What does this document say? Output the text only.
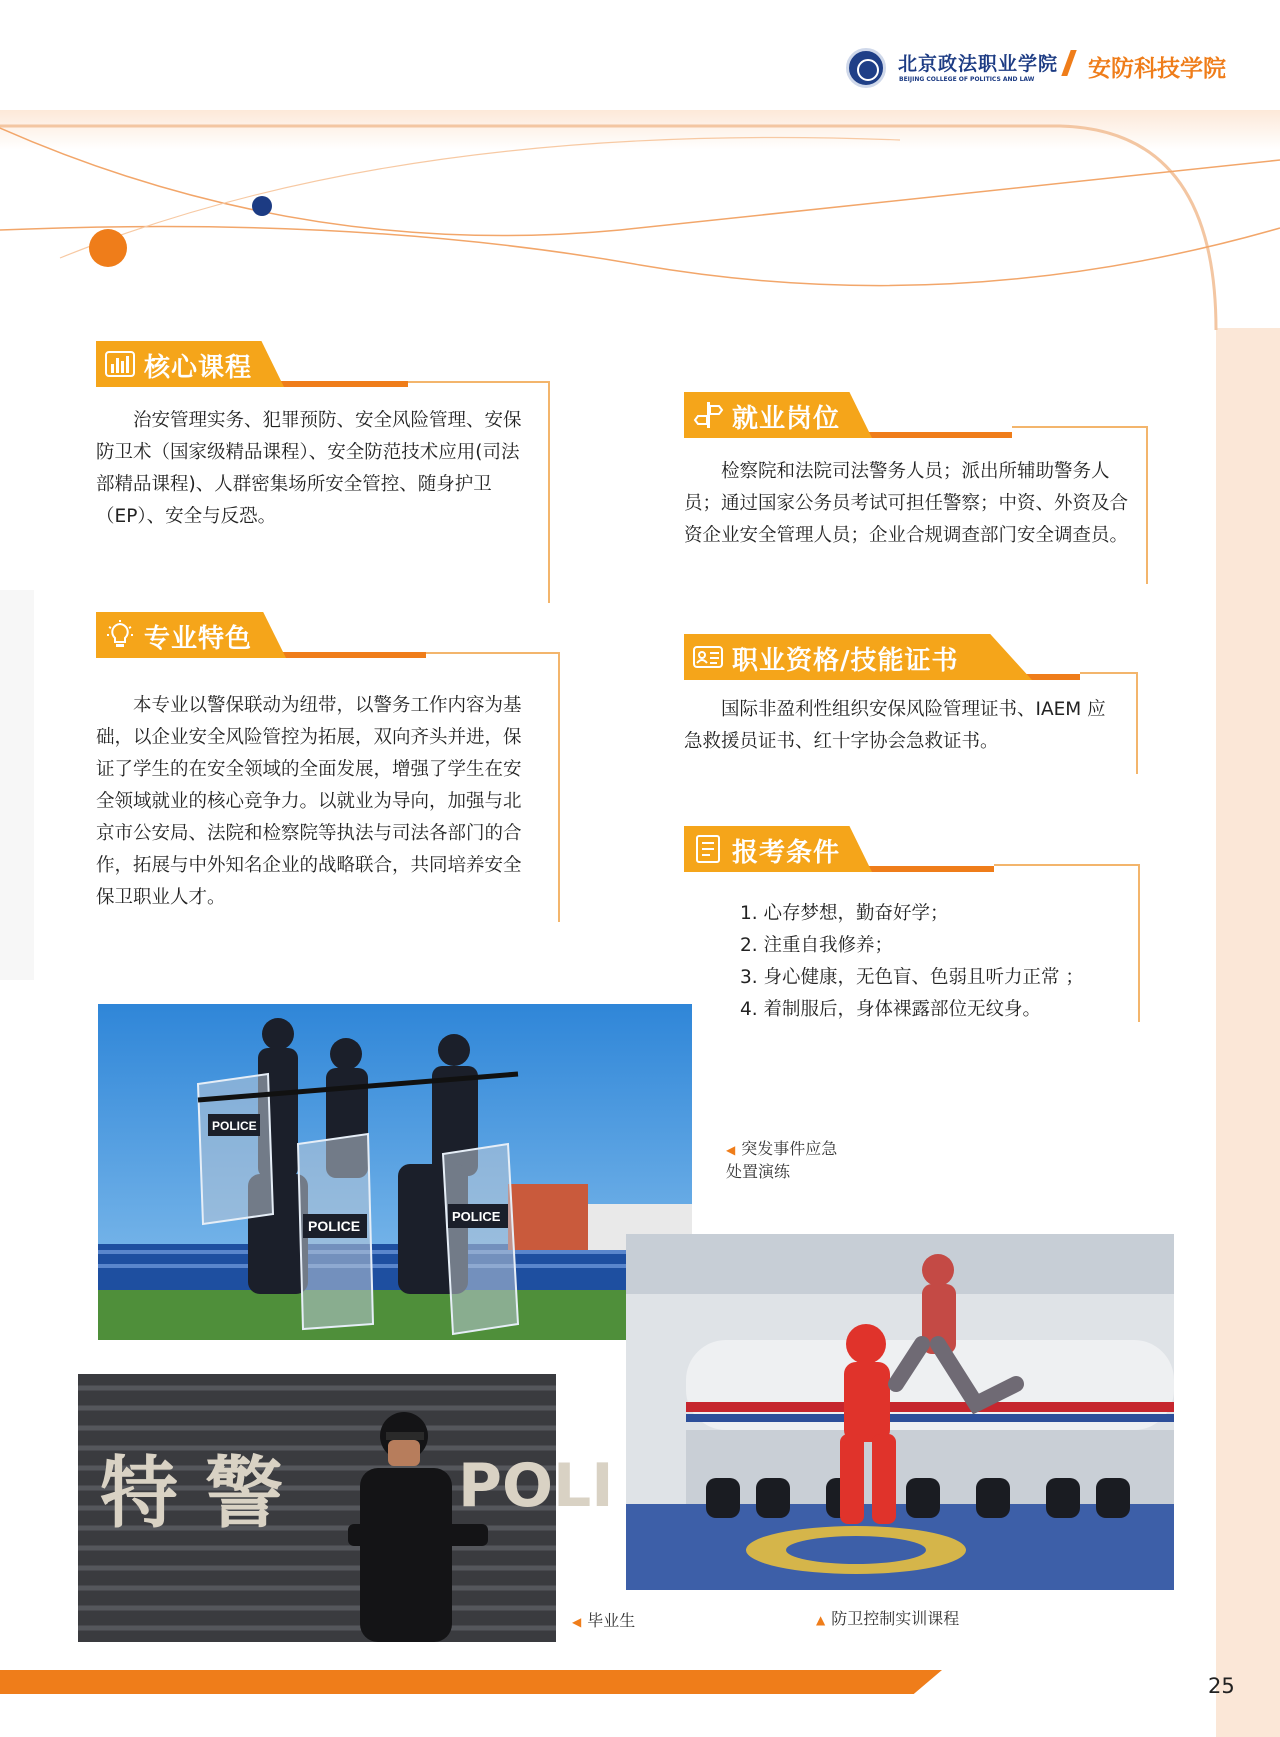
北京政法职业学院
BEIJING COLLEGE OF POLITICS AND LAW 安防科技学院
核心课程

治安管理实务、犯罪预防、安全风险管理、安保防卫术（国家级精品课程）、安全防范技术应用(司法部精品课程)、人群密集场所安全管控、随身护卫（EP）、安全与反恐。

专业特色

本专业以警保联动为纽带，以警务工作内容为基础，以企业安全风险管控为拓展，双向齐头并进，保证了学生的在安全领域的全面发展，增强了学生在安全领域就业的核心竞争力。以就业为导向，加强与北京市公安局、法院和检察院等执法与司法各部门的合作，拓展与中外知名企业的战略联合，共同培养安全保卫职业人才。

就业岗位

检察院和法院司法警务人员；派出所辅助警务人员；通过国家公务员考试可担任警察；中资、外资及合资企业安全管理人员；企业合规调查部门安全调查员。

职业资格/技能证书

国际非盈利性组织安保风险管理证书、IAEM 应急救援员证书、红十字协会急救证书。

报考条件

1. 心存梦想，勤奋好学；

2. 注重自我修养；

3. 身心健康，无色盲、色弱且听力正常 ；

4. 着制服后，身体裸露部位无纹身。

POLICE
POLICE
POLICE

◀ 突发事件应急
处置演练

特 警	POLI
◀ 毕业生	▲ 防卫控制实训课程
25
